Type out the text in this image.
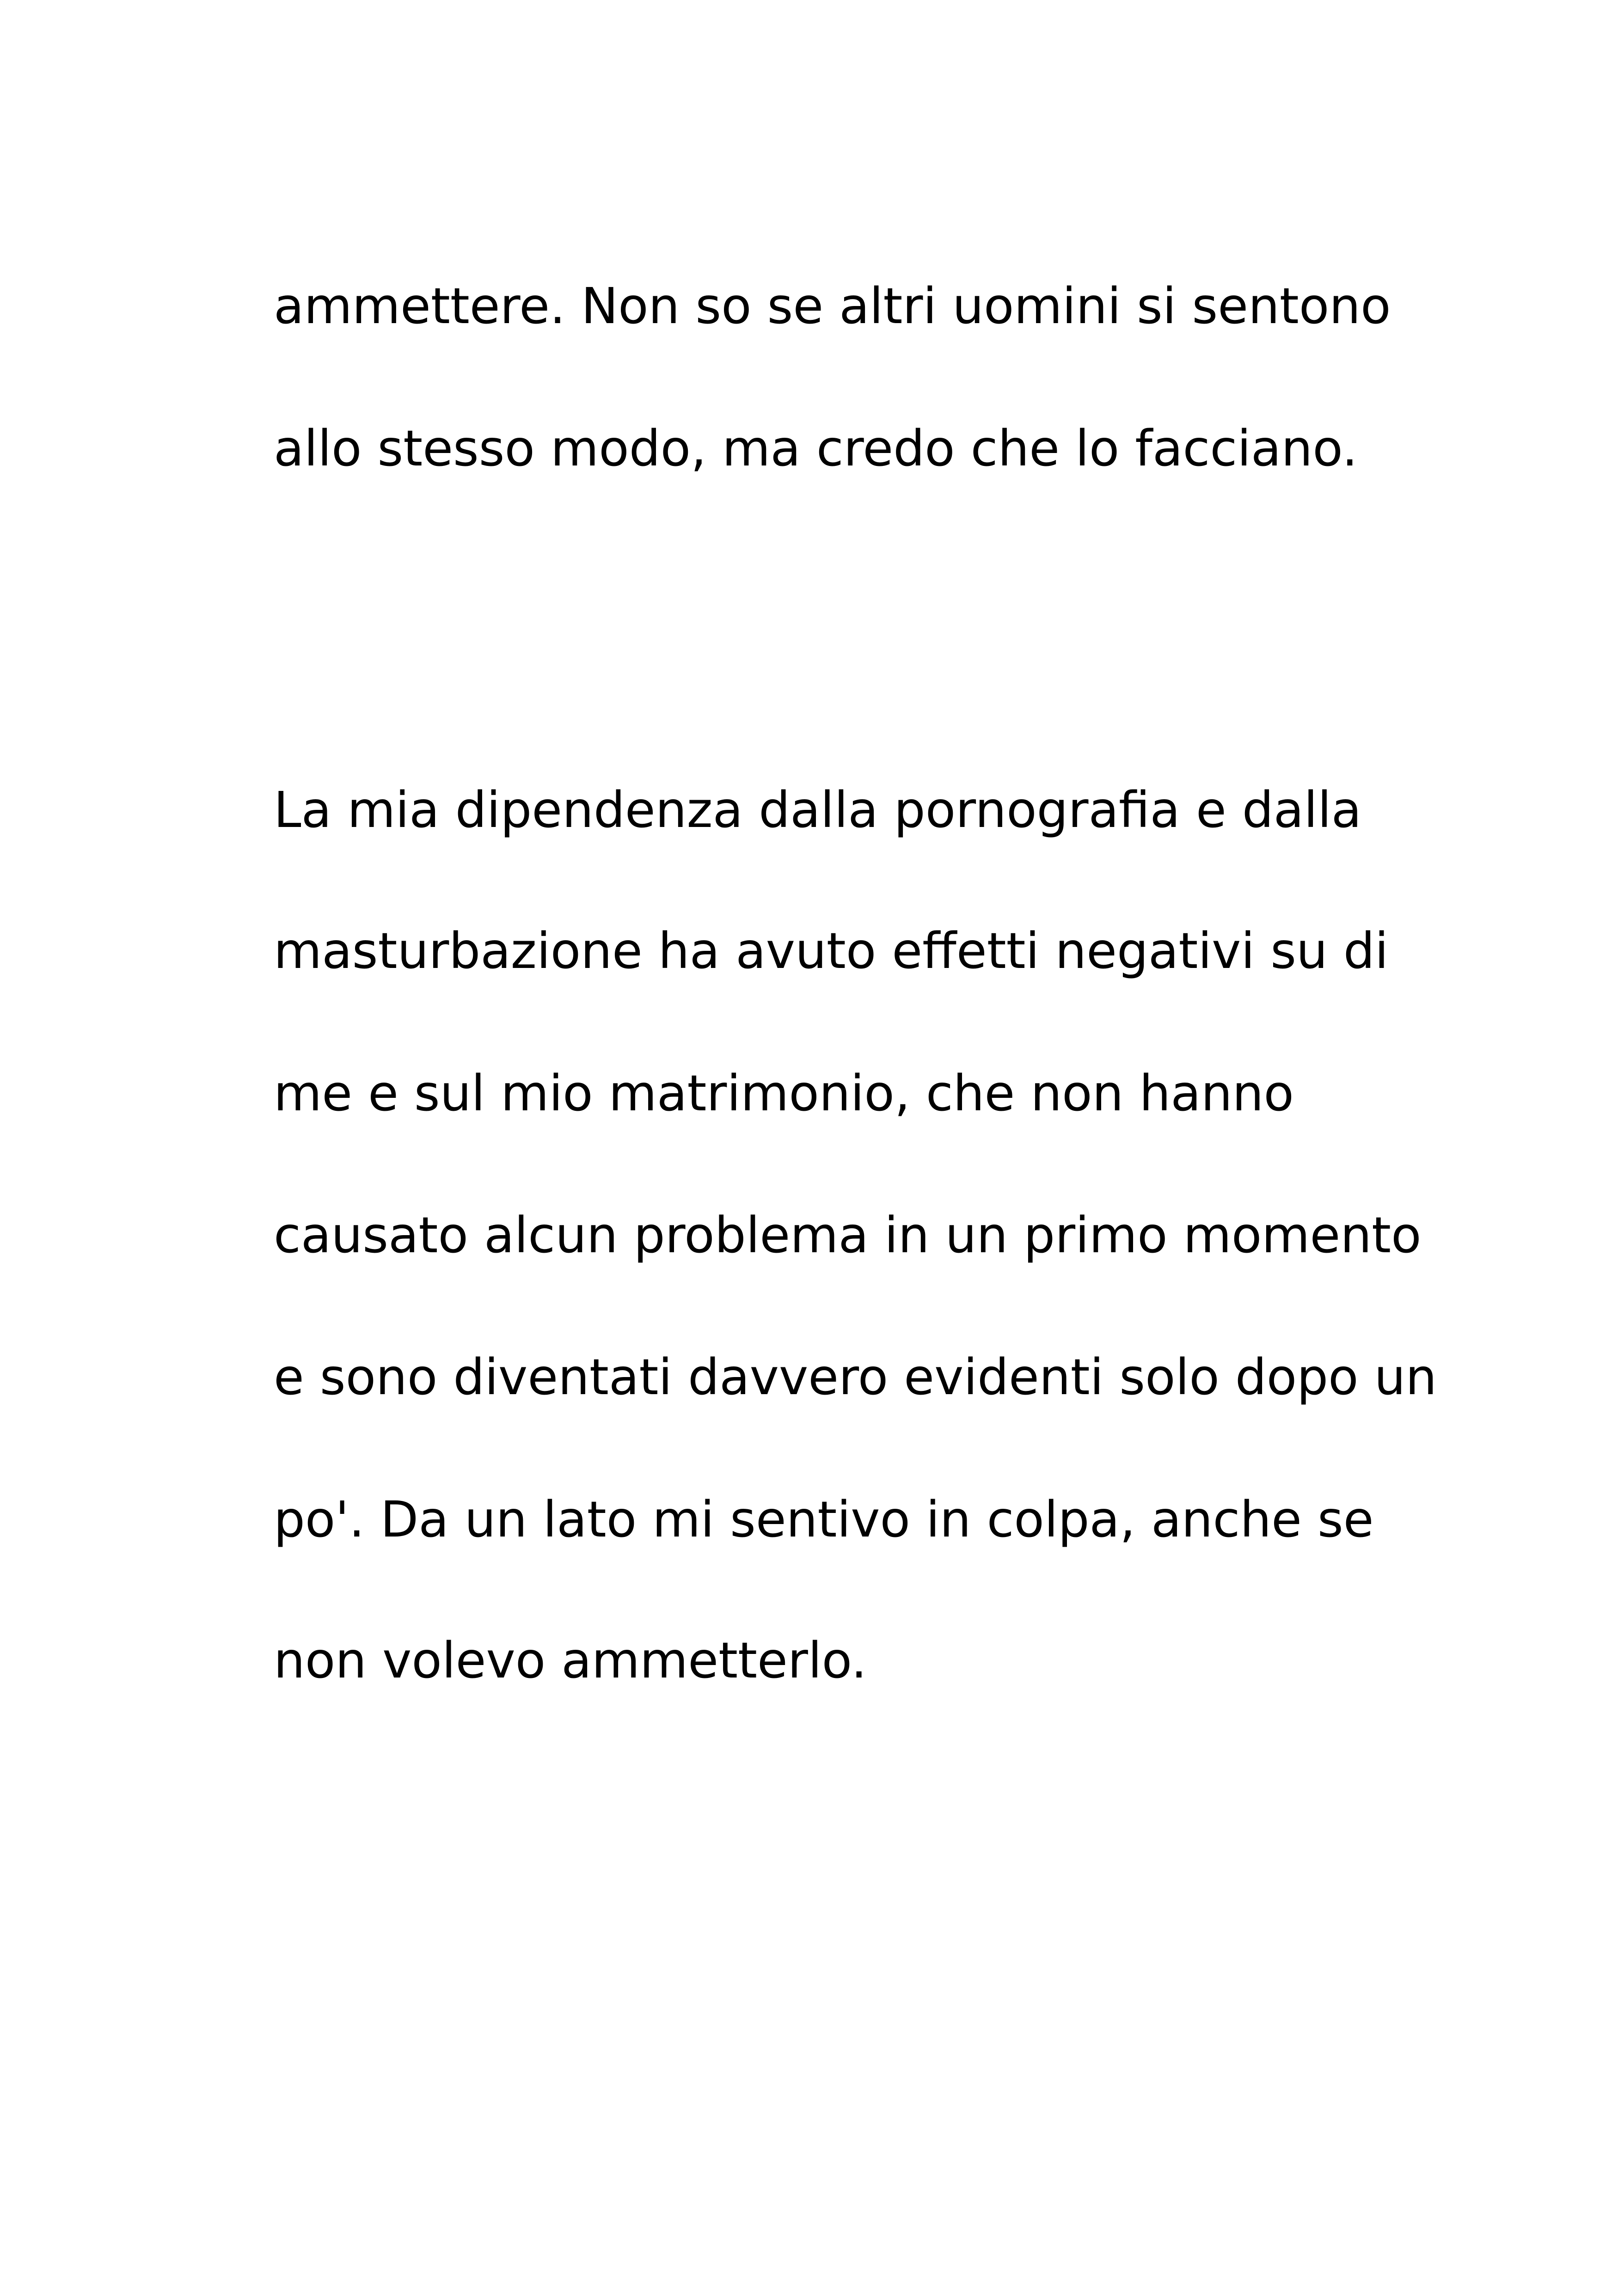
ammettere. Non so se altri uomini si sentono

allo stesso modo, ma credo che lo facciano.

La mia dipendenza dalla pornografia e dalla

masturbazione ha avuto effetti negativi su di

me e sul mio matrimonio, che non hanno

causato alcun problema in un primo momento

e sono diventati davvero evidenti solo dopo un

po'. Da un lato mi sentivo in colpa, anche se

non volevo ammetterlo.
